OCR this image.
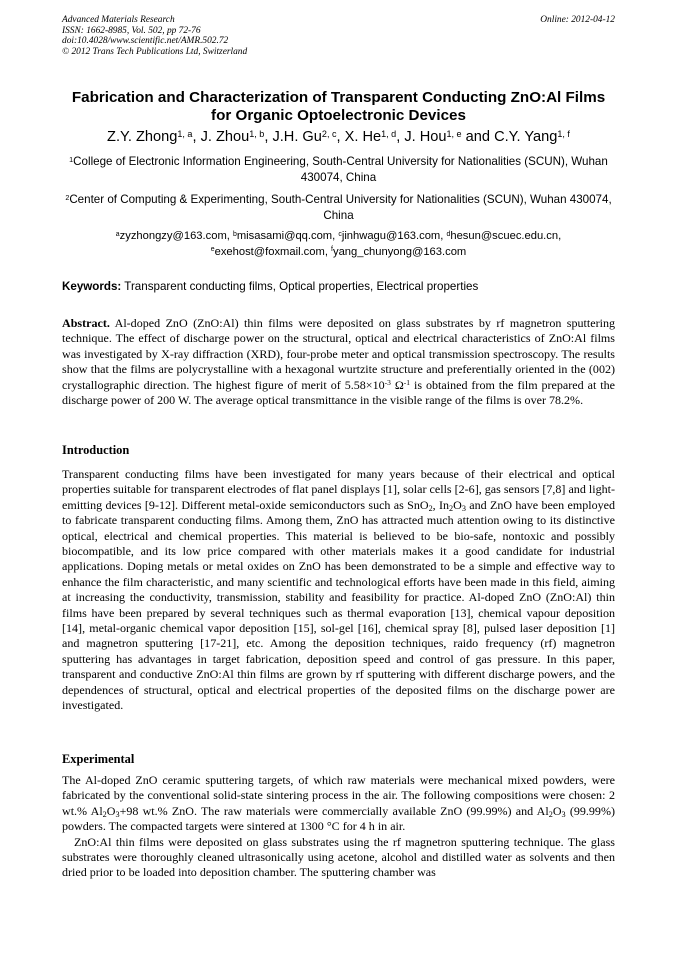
Advanced Materials Research
ISSN: 1662-8985, Vol. 502, pp 72-76
doi:10.4028/www.scientific.net/AMR.502.72
© 2012 Trans Tech Publications Ltd, Switzerland
Online: 2012-04-12
Fabrication and Characterization of Transparent Conducting ZnO:Al Films for Organic Optoelectronic Devices
Z.Y. Zhong$^{1, a}$, J. Zhou$^{1, b}$, J.H. Gu$^{2, c}$, X. He$^{1, d}$, J. Hou$^{1, e}$ and C.Y. Yang$^{1, f}$
$^1$College of Electronic Information Engineering, South-Central University for Nationalities (SCUN), Wuhan 430074, China
$^2$Center of Computing & Experimenting, South-Central University for Nationalities (SCUN), Wuhan 430074, China
$^a$zyzhongzy@163.com, $^b$misasami@qq.com, $^c$jinhwagu@163.com, $^d$hesun@scuec.edu.cn,
$^e$exehost@foxmail.com, $^f$yang_chunyong@163.com
Keywords: Transparent conducting films, Optical properties, Electrical properties
Abstract. Al-doped ZnO (ZnO:Al) thin films were deposited on glass substrates by rf magnetron sputtering technique. The effect of discharge power on the structural, optical and electrical characteristics of ZnO:Al films was investigated by X-ray diffraction (XRD), four-probe meter and optical transmission spectroscopy. The results show that the films are polycrystalline with a hexagonal wurtzite structure and preferentially oriented in the (002) crystallographic direction. The highest figure of merit of $5.58\times 10^{-3}$ $\Omega^{-1}$ is obtained from the film prepared at the discharge power of 200 W. The average optical transmittance in the visible range of the films is over 78.2%.
Introduction
Transparent conducting films have been investigated for many years because of their electrical and optical properties suitable for transparent electrodes of flat panel displays [1], solar cells [2-6], gas sensors [7,8] and light-emitting devices [9-12]. Different metal-oxide semiconductors such as SnO$_2$, $In_2O_3$ and ZnO have been employed to fabricate transparent conducting films. Among them, ZnO has attracted much attention owing to its distinctive optical, electrical and chemical properties. This material is believed to be bio-safe, nontoxic and possibly biocompatible, and its low price compared with other materials makes it a good candidate for industrial applications. Doping metals or metal oxides on ZnO has been demonstrated to be a simple and effective way to enhance the film characteristic, and many scientific and technological efforts have been made in this field, aiming at increasing the conductivity, transmission, stability and feasibility for practice. Al-doped ZnO (ZnO:Al) thin films have been prepared by several techniques such as thermal evaporation [13], chemical vapour deposition [14], metal-organic chemical vapor deposition [15], sol-gel [16], chemical spray [8], pulsed laser deposition [1] and magnetron sputtering [17-21], etc. Among the deposition techniques, raido frequency (rf) magnetron sputtering has advantages in target fabrication, deposition speed and control of gas pressure. In this paper, transparent and conductive ZnO:Al thin films are grown by rf sputtering with different discharge powers, and the dependences of structural, optical and electrical properties of the deposited films on the discharge power are investigated.
Experimental

The Al-doped ZnO ceramic sputtering targets, of which raw materials were mechanical mixed powders, were fabricated by the conventional solid-state sintering process in the air. The following compositions were chosen: 2 wt.% $Al_2O_3+98$ wt.% ZnO. The raw materials were commercially available ZnO (99.99%) and $Al_2O_3$ (99.99%) powders. The compacted targets were sintered at 1300 °C for 4 h in air.

ZnO:Al thin films were deposited on glass substrates using the rf magnetron sputtering technique. The glass substrates were thoroughly cleaned ultrasonically using acetone, alcohol and distilled water as solvents and then dried prior to be loaded into deposition chamber. The sputtering chamber was
